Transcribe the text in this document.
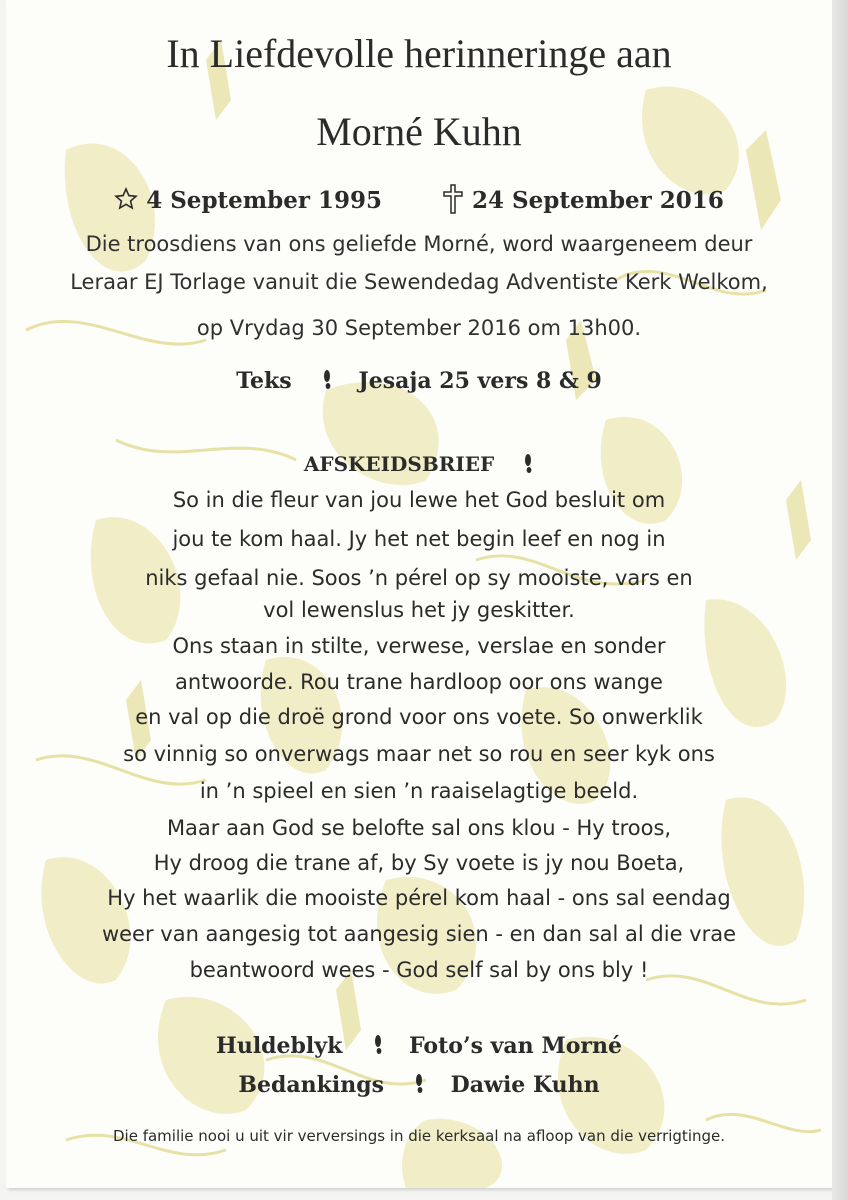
In Liefdevolle herinneringe aan
Morné Kuhn
4 September 1995	24 September 2016
Die troosdiens van ons geliefde Morné, word waargeneem deur
Leraar EJ Torlage vanuit die Sewendedag Adventiste Kerk Welkom,
op Vrydag 30 September 2016 om 13h00.
Teks	Jesaja 25 vers 8 & 9
AFSKEIDSBRIEF
So in die fleur van jou lewe het God besluit om
jou te kom haal. Jy het net begin leef en nog in
niks gefaal nie. Soos ’n pérel op sy mooiste, vars en
vol lewenslus het jy geskitter.
Ons staan in stilte, verwese, verslae en sonder
antwoorde. Rou trane hardloop oor ons wange
en val op die droë grond voor ons voete. So onwerklik
so vinnig so onverwags maar net so rou en seer kyk ons
in ’n spieel en sien ’n raaiselagtige beeld.
Maar aan God se belofte sal ons klou - Hy troos,
Hy droog die trane af, by Sy voete is jy nou Boeta,
Hy het waarlik die mooiste pérel kom haal - ons sal eendag
weer van aangesig tot aangesig sien - en dan sal al die vrae
beantwoord wees - God self sal by ons bly !
Huldeblyk	Foto’s van Morné
Bedankings	Dawie Kuhn
Die familie nooi u uit vir verversings in die kerksaal na afloop van die verrigtinge.
